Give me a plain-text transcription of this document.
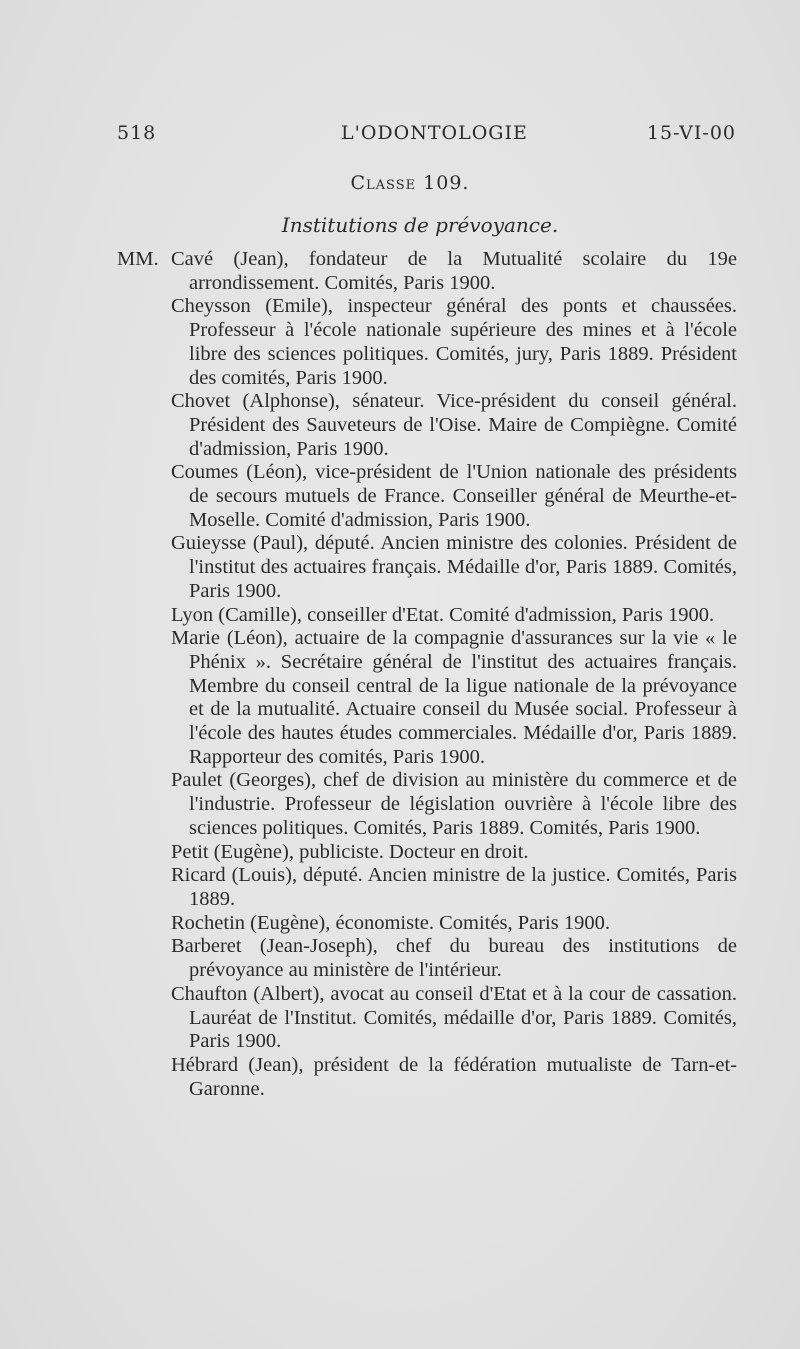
518	L'ODONTOLOGIE	15-VI-00
Classe 109.
Institutions de prévoyance.

MM. Cavé (Jean), fondateur de la Mutualité scolaire du 19e arrondissement. Comités, Paris 1900.

Cheysson (Emile), inspecteur général des ponts et chaussées. Professeur à l'école nationale supérieure des mines et à l'école libre des sciences politiques. Comités, jury, Paris 1889. Président des comités, Paris 1900.

Chovet (Alphonse), sénateur. Vice-président du conseil général. Président des Sauveteurs de l'Oise. Maire de Compiègne. Comité d'admission, Paris 1900.

Coumes (Léon), vice-président de l'Union nationale des présidents de secours mutuels de France. Conseiller général de Meurthe-et-Moselle. Comité d'admission, Paris 1900.

Guieysse (Paul), député. Ancien ministre des colonies. Président de l'institut des actuaires français. Médaille d'or, Paris 1889. Comités, Paris 1900.

Lyon (Camille), conseiller d'Etat. Comité d'admission, Paris 1900.

Marie (Léon), actuaire de la compagnie d'assurances sur la vie « le Phénix ». Secrétaire général de l'institut des actuaires français. Membre du conseil central de la ligue nationale de la prévoyance et de la mutualité. Actuaire conseil du Musée social. Professeur à l'école des hautes études commerciales. Médaille d'or, Paris 1889. Rapporteur des comités, Paris 1900.

Paulet (Georges), chef de division au ministère du commerce et de l'industrie. Professeur de législation ouvrière à l'école libre des sciences politiques. Comités, Paris 1889. Comités, Paris 1900.

Petit (Eugène), publiciste. Docteur en droit.

Ricard (Louis), député. Ancien ministre de la justice. Comités, Paris 1889.

Rochetin (Eugène), économiste. Comités, Paris 1900.

Barberet (Jean-Joseph), chef du bureau des institutions de prévoyance au ministère de l'intérieur.

Chaufton (Albert), avocat au conseil d'Etat et à la cour de cassation. Lauréat de l'Institut. Comités, médaille d'or, Paris 1889. Comités, Paris 1900.

Hébrard (Jean), président de la fédération mutualiste de Tarn-et-Garonne.
